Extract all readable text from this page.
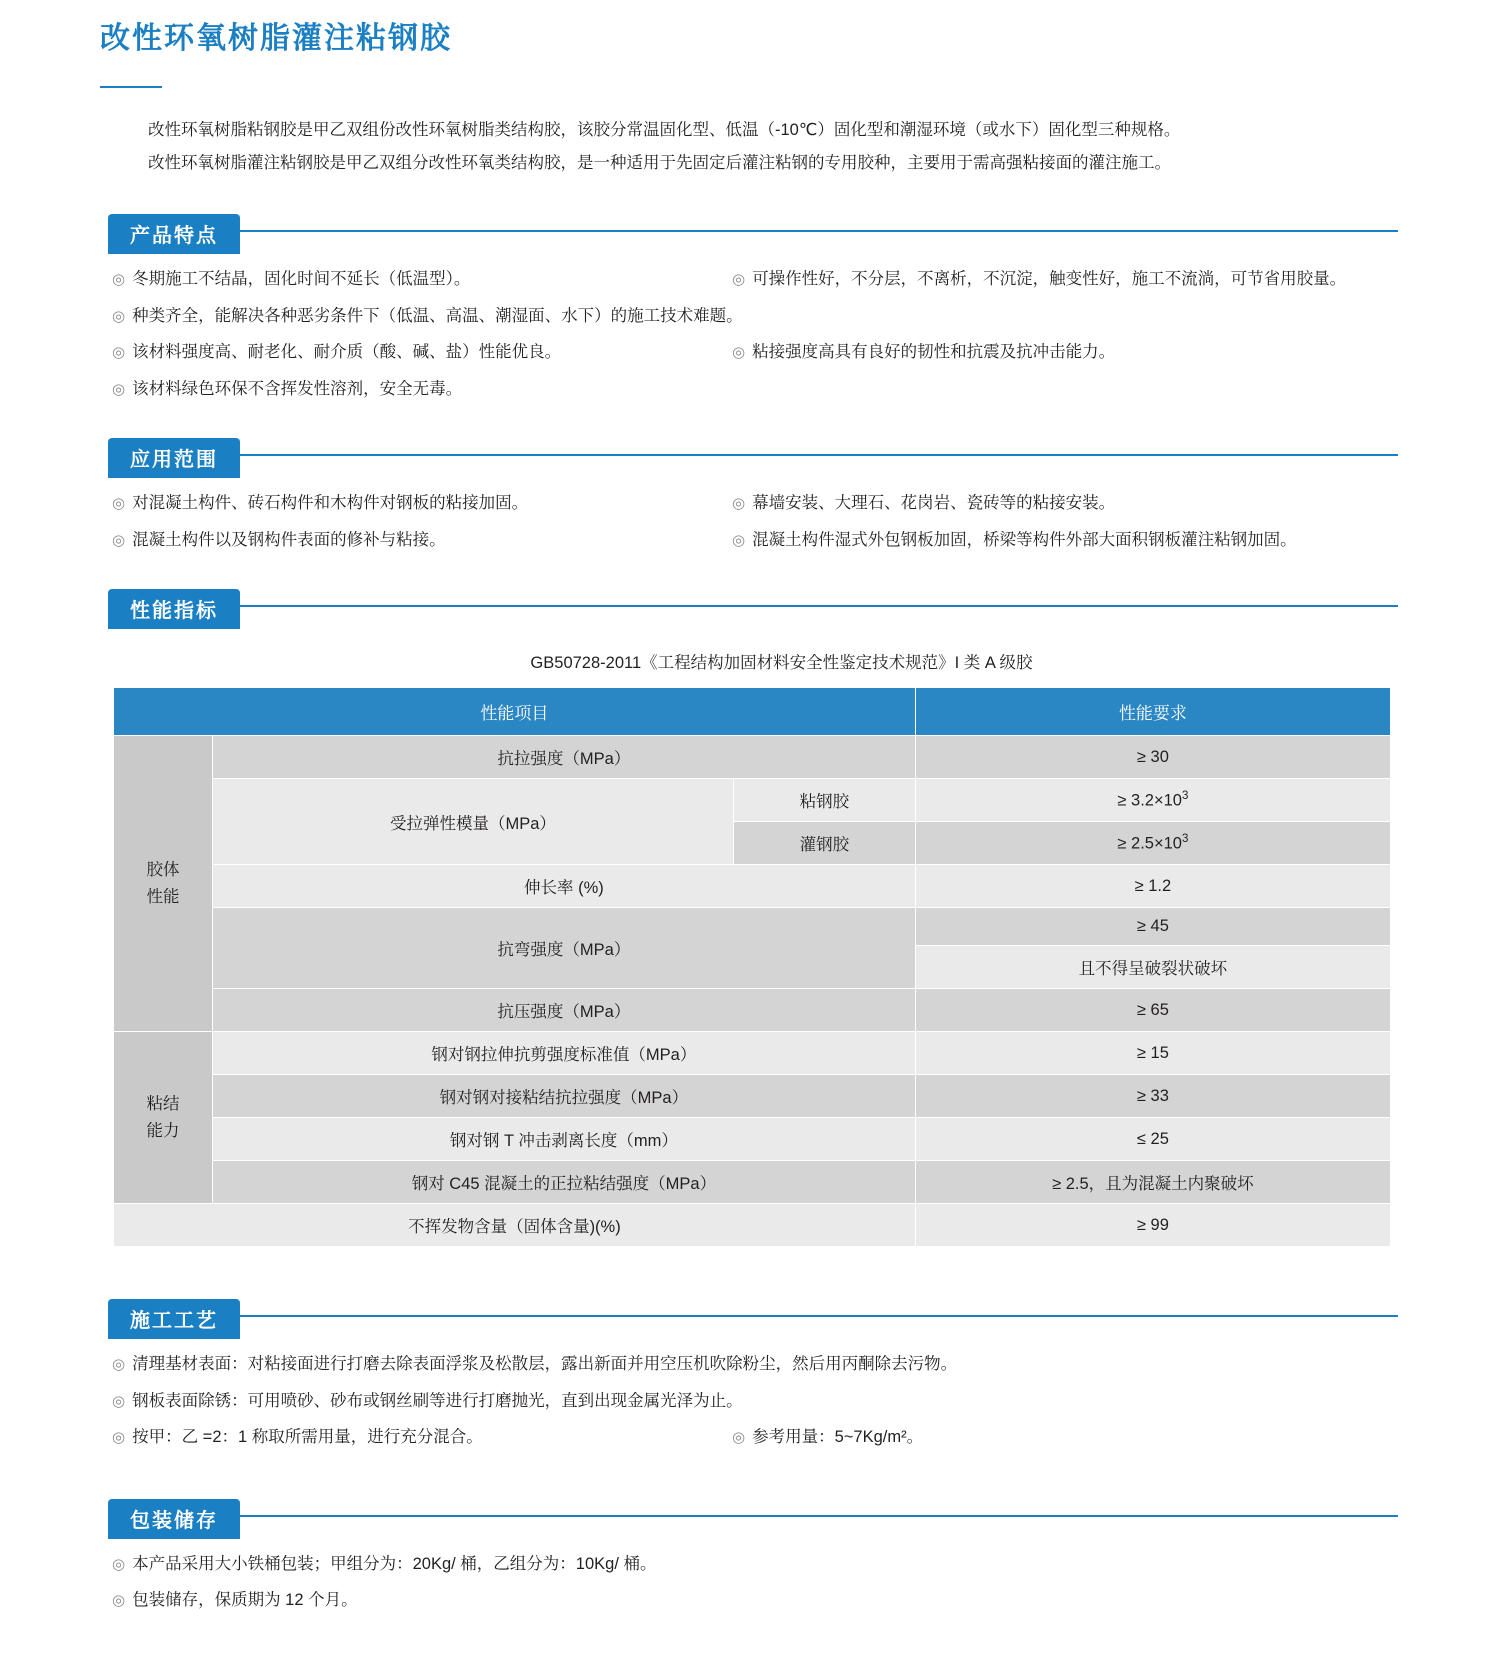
改性环氧树脂灌注粘钢胶

改性环氧树脂粘钢胶是甲乙双组份改性环氧树脂类结构胶，该胶分常温固化型、低温（-10℃）固化型和潮湿环境（或水下）固化型三种规格。

改性环氧树脂灌注粘钢胶是甲乙双组分改性环氧类结构胶，是一种适用于先固定后灌注粘钢的专用胶种，主要用于需高强粘接面的灌注施工。

产品特点
◎ 冬期施工不结晶，固化时间不延长（低温型）。	◎ 可操作性好，不分层，不离析，不沉淀，触变性好，施工不流淌，可节省用胶量。
◎ 种类齐全，能解决各种恶劣条件下（低温、高温、潮湿面、水下）的施工技术难题。
◎ 该材料强度高、耐老化、耐介质（酸、碱、盐）性能优良。	◎ 粘接强度高具有良好的韧性和抗震及抗冲击能力。
◎ 该材料绿色环保不含挥发性溶剂，安全无毒。
应用范围
◎ 对混凝土构件、砖石构件和木构件对钢板的粘接加固。	◎ 幕墙安装、大理石、花岗岩、瓷砖等的粘接安装。
◎ 混凝土构件以及钢构件表面的修补与粘接。	◎ 混凝土构件湿式外包钢板加固，桥梁等构件外部大面积钢板灌注粘钢加固。
性能指标
GB50728-2011《工程结构加固材料安全性鉴定技术规范》I 类 A 级胶
性能项目			性能要求
胶体
性能	抗拉强度（MPa）		≥ 30
	受拉弹性模量（MPa）	粘钢胶	≥ $3.2\times 10^3$
		灌钢胶	≥ $2.5\times 10^3$
	伸长率 (%)		≥ 1.2
	抗弯强度（MPa）		≥ 45
			且不得呈破裂状破坏
	抗压强度（MPa）		≥ 65
粘结
能力	钢对钢拉伸抗剪强度标准值（MPa）		≥ 15
	钢对钢对接粘结抗拉强度（MPa）		≥ 33
	钢对钢 T 冲击剥离长度（mm）		≤ 25
	钢对 C45 混凝土的正拉粘结强度（MPa）		≥ 2.5，且为混凝土内聚破坏
不挥发物含量（固体含量)(%)			≥ 99
施工工艺
◎ 清理基材表面：对粘接面进行打磨去除表面浮浆及松散层，露出新面并用空压机吹除粉尘，然后用丙酮除去污物。
◎ 钢板表面除锈：可用喷砂、砂布或钢丝刷等进行打磨抛光，直到出现金属光泽为止。
◎ 按甲：乙 =2：1 称取所需用量，进行充分混合。	◎ 参考用量：5~7Kg/m²。
包装储存
◎ 本产品采用大小铁桶包装；甲组分为：20Kg/ 桶，乙组分为：10Kg/ 桶。
◎ 包装储存，保质期为 12 个月。
